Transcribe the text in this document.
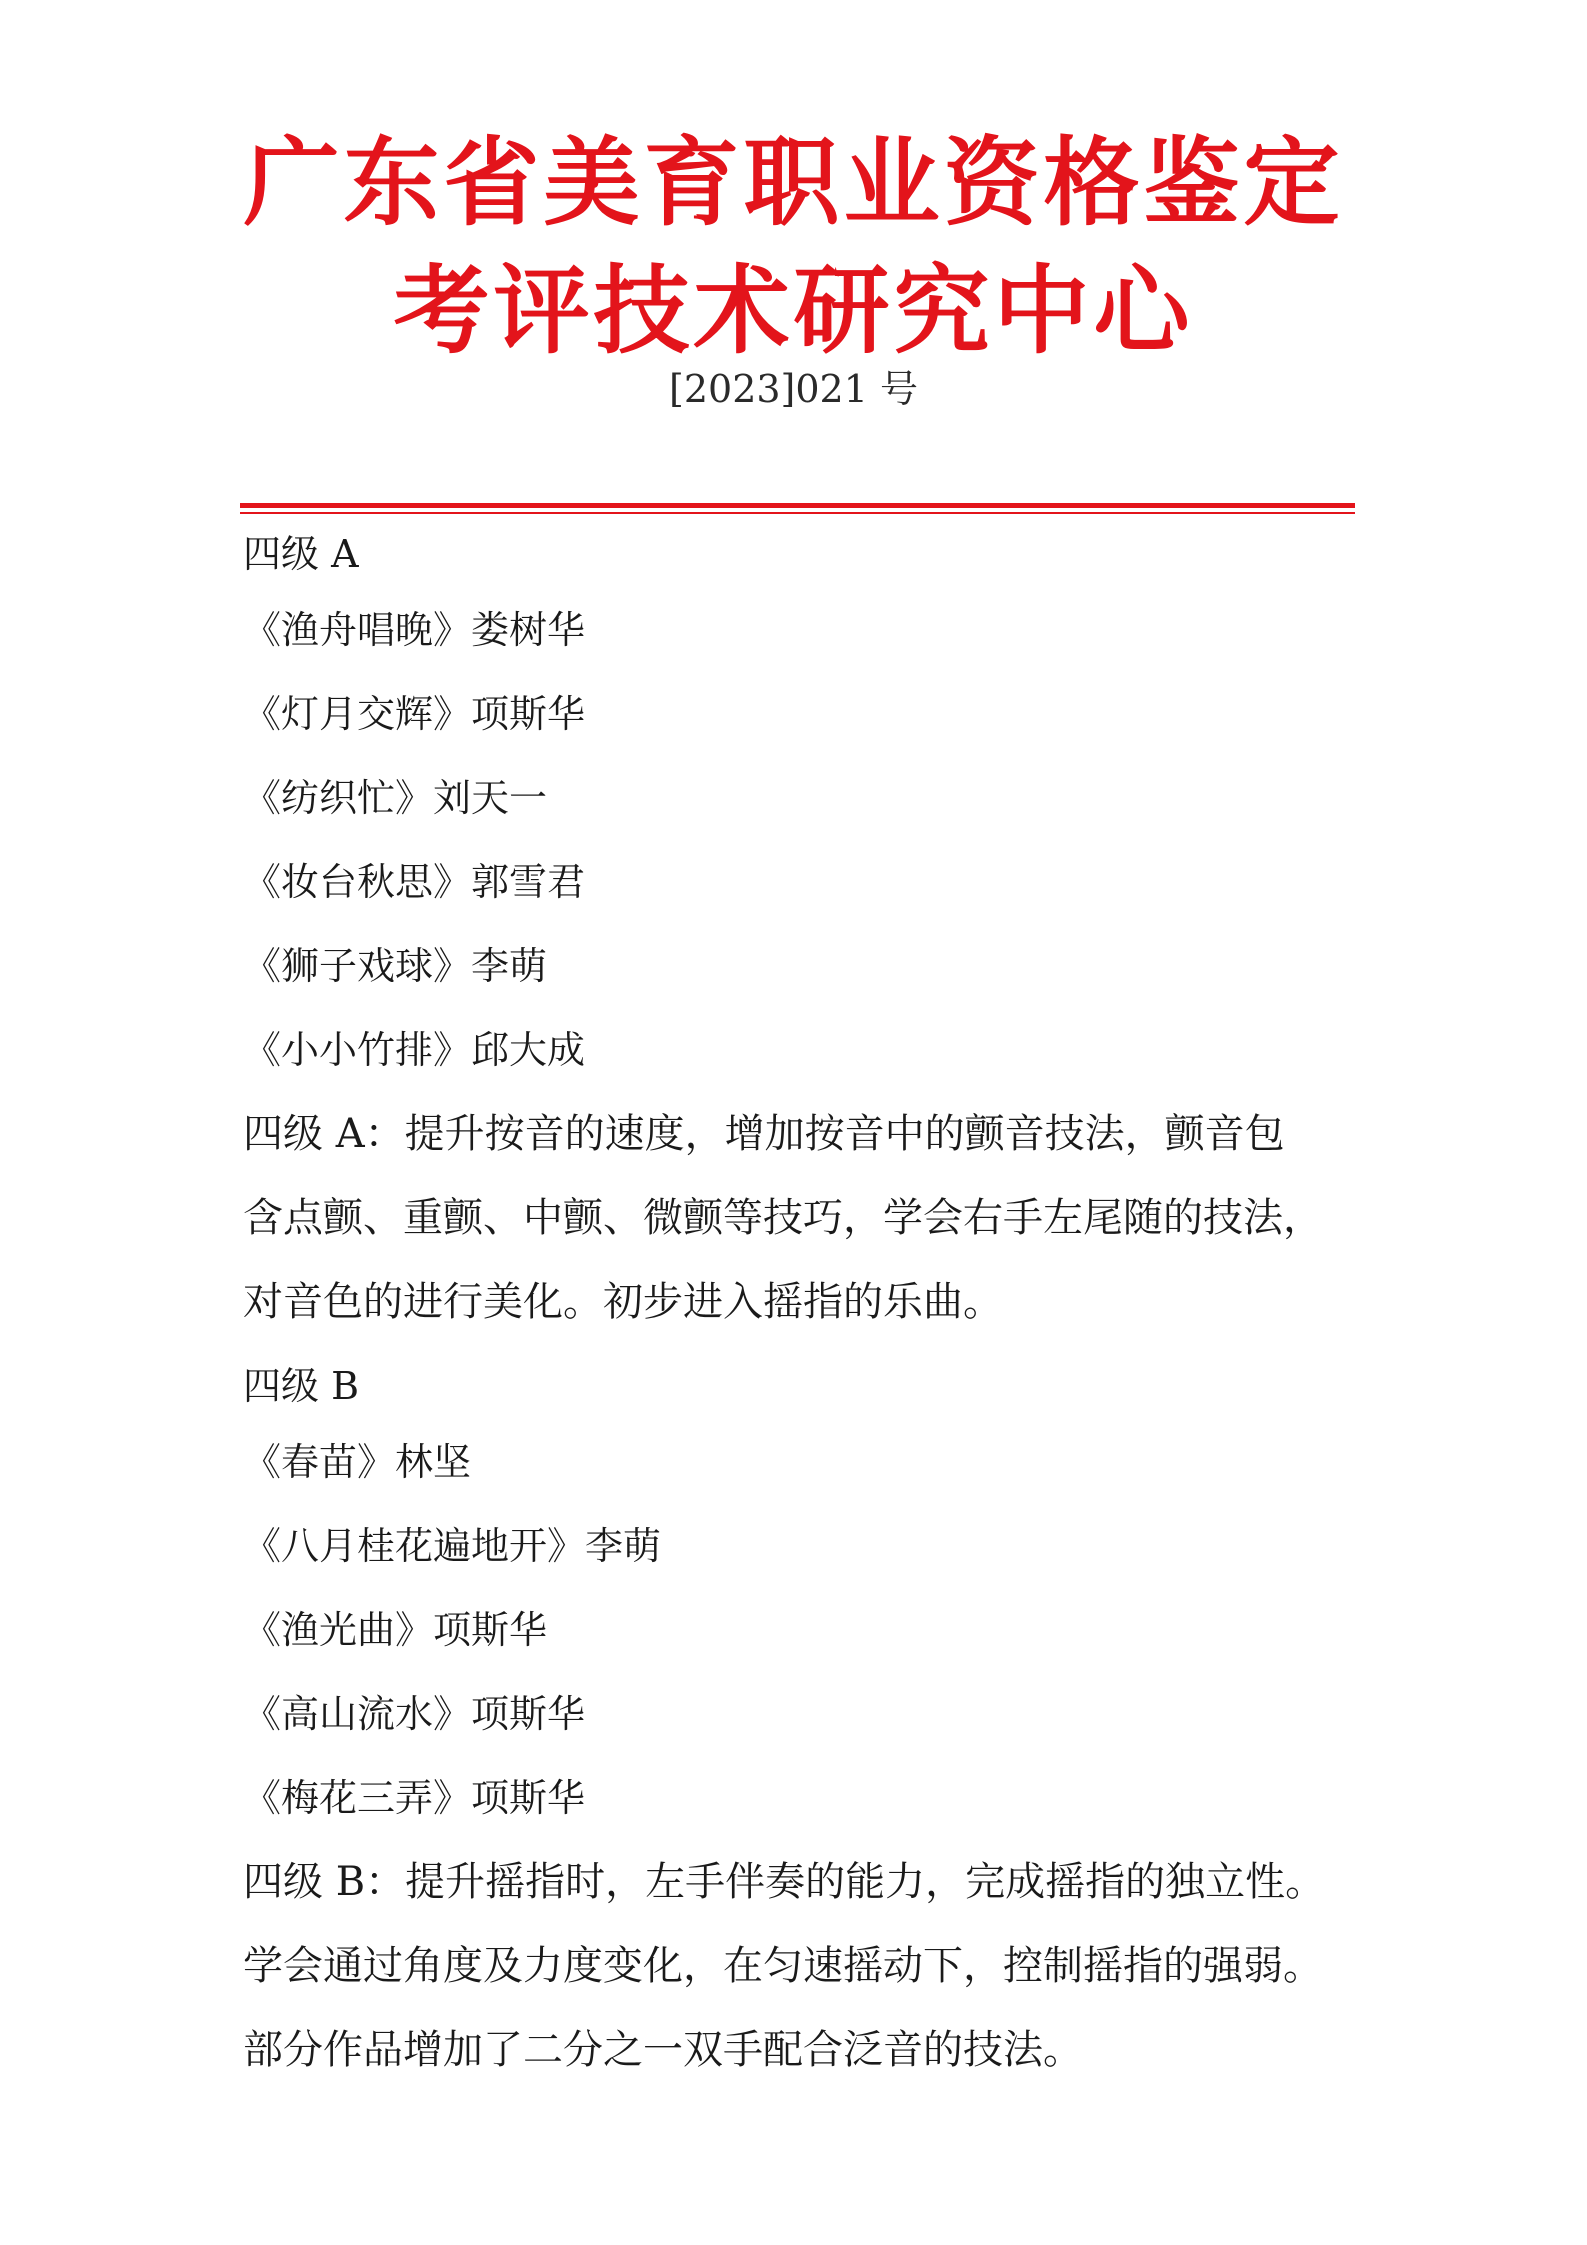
广东省美育职业资格鉴定
考评技术研究中心
[2023]021 号

四级 A

《渔舟唱晚》娄树华

《灯月交辉》项斯华

《纺织忙》刘天一

《妆台秋思》郭雪君

《狮子戏球》李萌

《小小竹排》邱大成

四级 A：提升按音的速度，增加按音中的颤音技法，颤音包
含点颤、重颤、中颤、微颤等技巧，学会右手左尾随的技法，
对音色的进行美化。初步进入摇指的乐曲。

四级 B

《春苗》林坚

《八月桂花遍地开》李萌

《渔光曲》项斯华

《高山流水》项斯华

《梅花三弄》项斯华

四级 B：提升摇指时，左手伴奏的能力，完成摇指的独立性。
学会通过角度及力度变化，在匀速摇动下，控制摇指的强弱。
部分作品增加了二分之一双手配合泛音的技法。
